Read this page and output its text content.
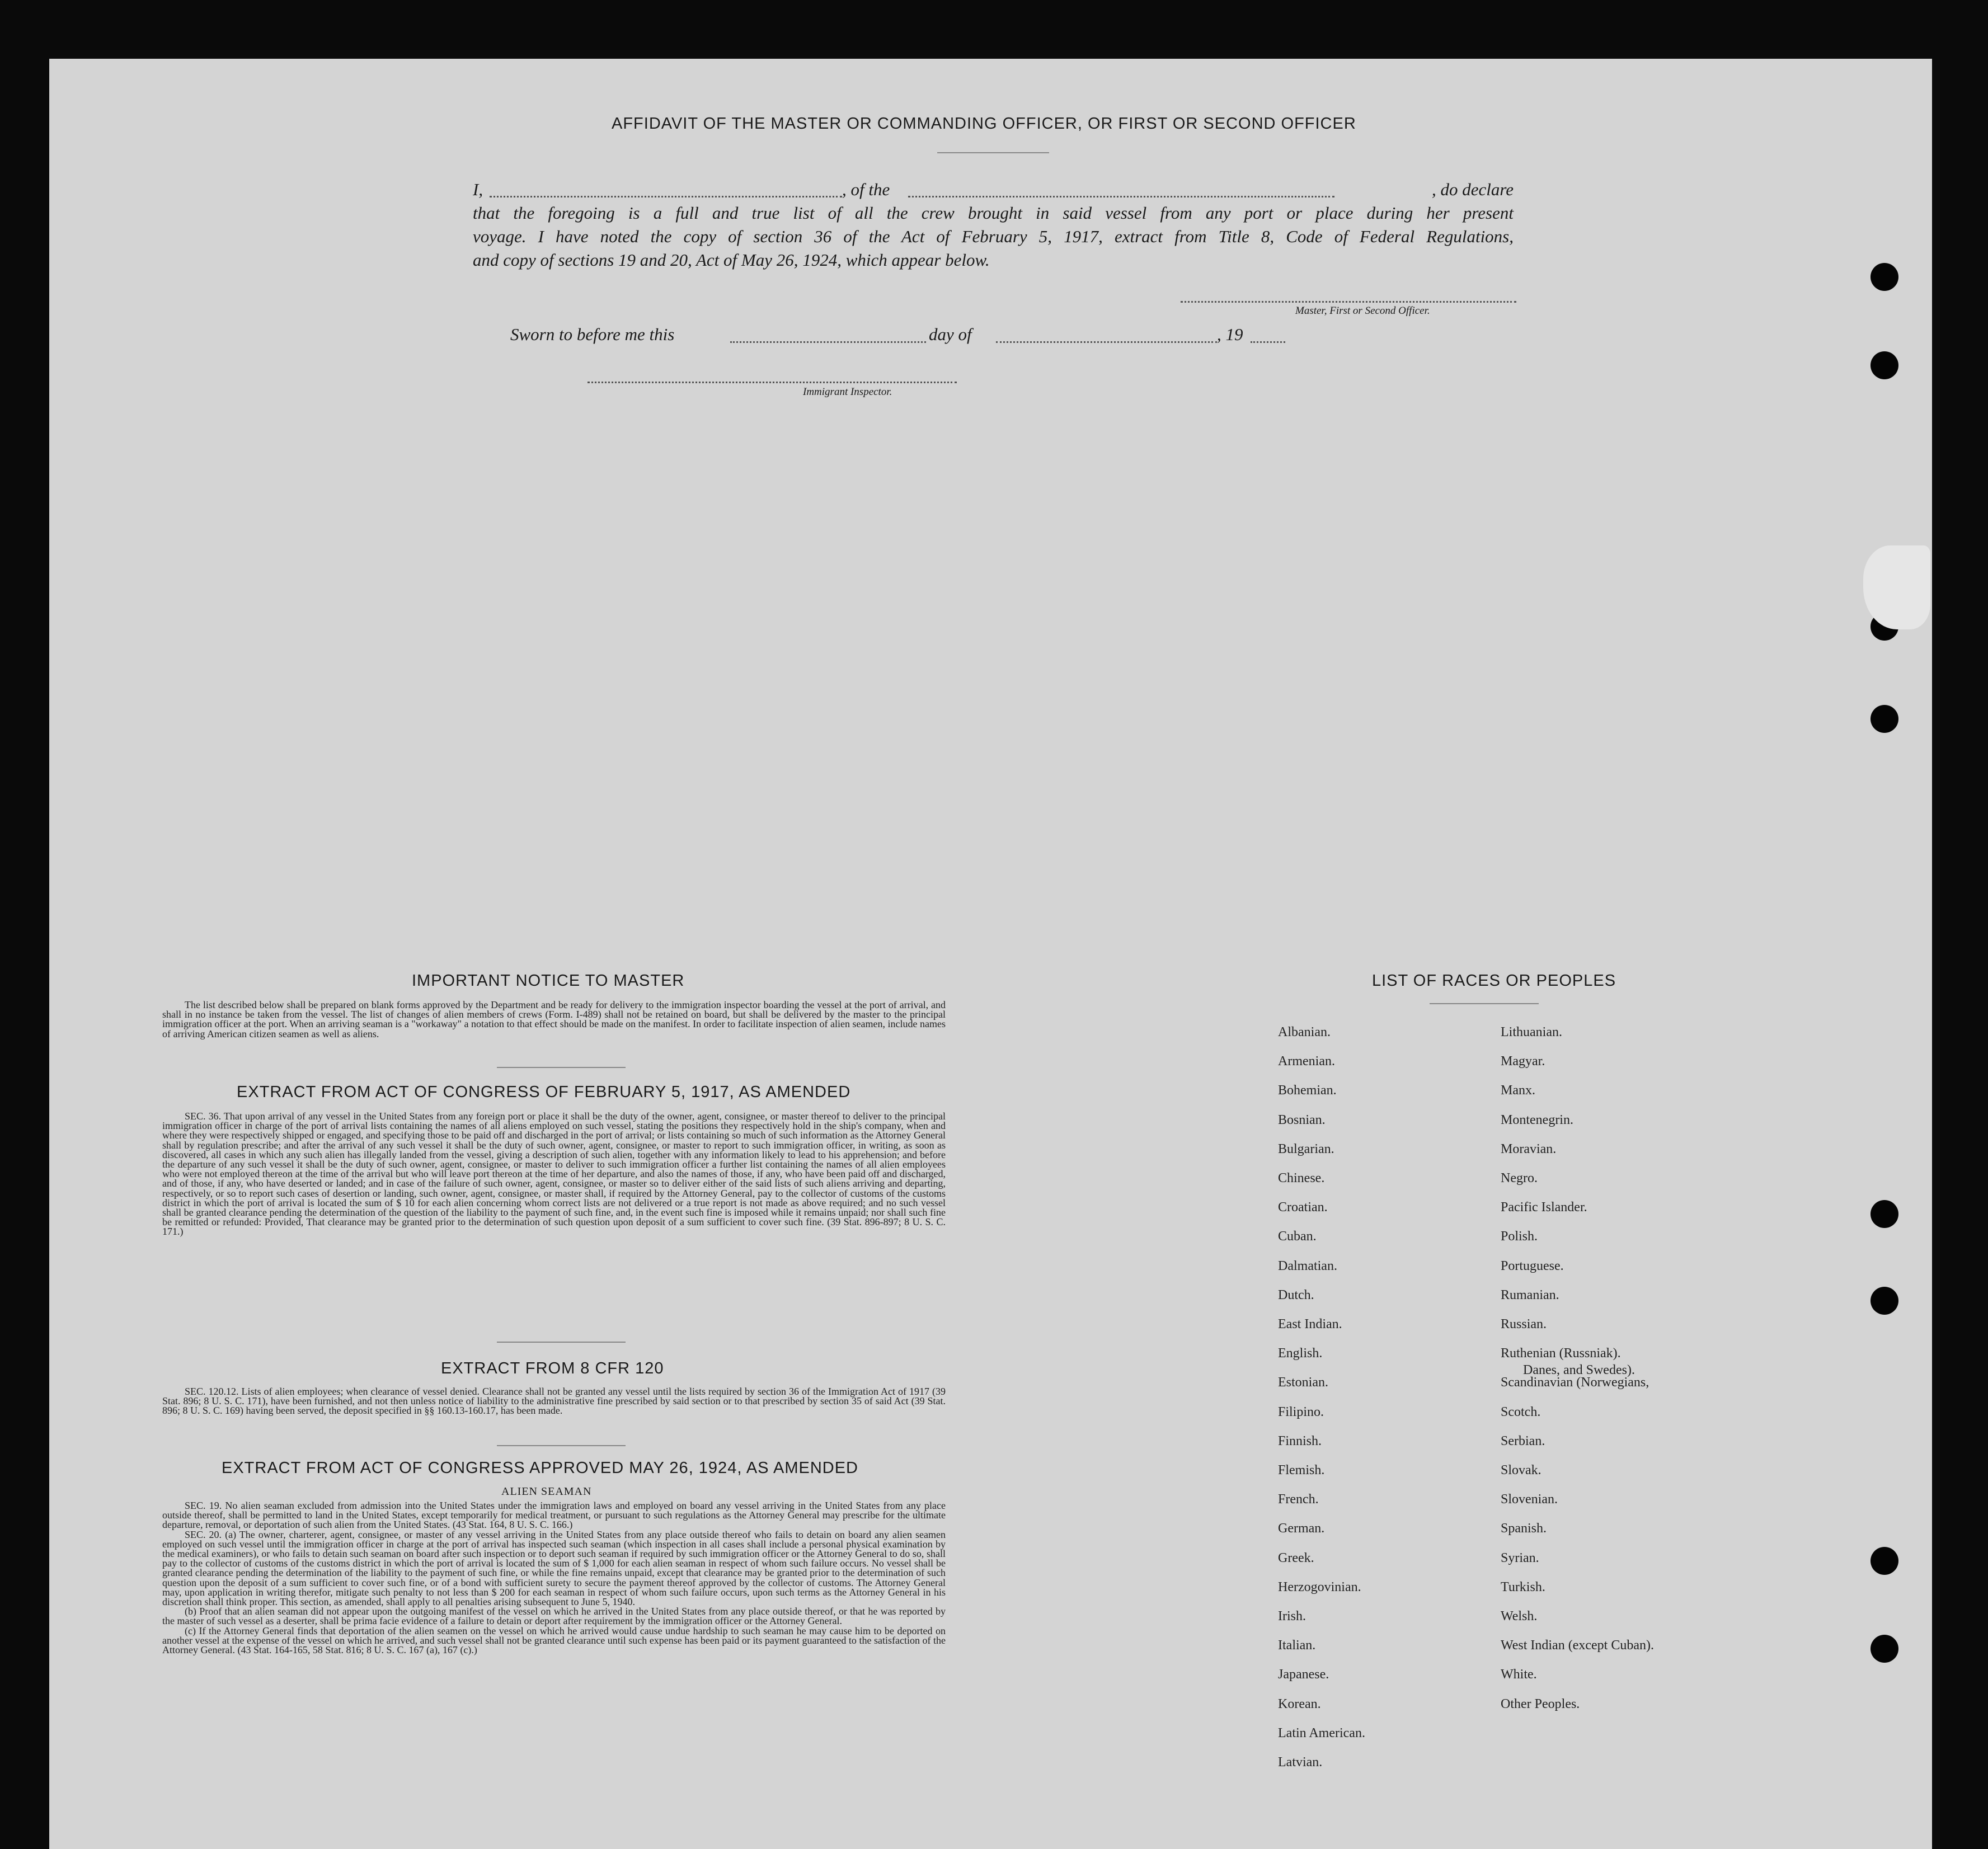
AFFIDAVIT OF THE MASTER OR COMMANDING OFFICER, OR FIRST OR SECOND OFFICER

I,	, of the	, do declare

that the foregoing is a full and true list of all the crew brought in said vessel from any port or place during her present

voyage. I have noted the copy of section 36 of the Act of February 5, 1917, extract from Title 8, Code of Federal Regulations,

and copy of sections 19 and 20, Act of May 26, 1924, which appear below.

Master, First or Second Officer.
Sworn to before me this	day of	, 19
Immigrant Inspector.
IMPORTANT NOTICE TO MASTER

The list described below shall be prepared on blank forms approved by the Department and be ready for delivery to the immigration inspector boarding the vessel at the port of arrival, and shall in no instance be taken from the vessel. The list of changes of alien members of crews (Form. I-489) shall not be retained on board, but shall be delivered by the master to the principal immigration officer at the port. When an arriving seaman is a "workaway" a notation to that effect should be made on the manifest. In order to facilitate inspection of alien seamen, include names of arriving American citizen seamen as well as aliens.

EXTRACT FROM ACT OF CONGRESS OF FEBRUARY 5, 1917, AS AMENDED

SEC. 36. That upon arrival of any vessel in the United States from any foreign port or place it shall be the duty of the owner, agent, consignee, or master thereof to deliver to the principal immigration officer in charge of the port of arrival lists containing the names of all aliens employed on such vessel, stating the positions they respectively hold in the ship's company, when and where they were respectively shipped or engaged, and specifying those to be paid off and discharged in the port of arrival; or lists containing so much of such information as the Attorney General shall by regulation prescribe; and after the arrival of any such vessel it shall be the duty of such owner, agent, consignee, or master to report to such immigration officer, in writing, as soon as discovered, all cases in which any such alien has illegally landed from the vessel, giving a description of such alien, together with any information likely to lead to his apprehension; and before the departure of any such vessel it shall be the duty of such owner, agent, consignee, or master to deliver to such immigration officer a further list containing the names of all alien employees who were not employed thereon at the time of the arrival but who will leave port thereon at the time of her departure, and also the names of those, if any, who have been paid off and discharged, and of those, if any, who have deserted or landed; and in case of the failure of such owner, agent, consignee, or master so to deliver either of the said lists of such aliens arriving and departing, respectively, or so to report such cases of desertion or landing, such owner, agent, consignee, or master shall, if required by the Attorney General, pay to the collector of customs of the customs district in which the port of arrival is located the sum of $ 10 for each alien concerning whom correct lists are not delivered or a true report is not made as above required; and no such vessel shall be granted clearance pending the determination of the question of the liability to the payment of such fine, and, in the event such fine is imposed while it remains unpaid; nor shall such fine be remitted or refunded: Provided, That clearance may be granted prior to the determination of such question upon deposit of a sum sufficient to cover such fine. (39 Stat. 896-897; 8 U. S. C. 171.)

EXTRACT FROM 8 CFR 120

SEC. 120.12. Lists of alien employees; when clearance of vessel denied. Clearance shall not be granted any vessel until the lists required by section 36 of the Immigration Act of 1917 (39 Stat. 896; 8 U. S. C. 171), have been furnished, and not then unless notice of liability to the administrative fine prescribed by said section or to that prescribed by section 35 of said Act (39 Stat. 896; 8 U. S. C. 169) having been served, the deposit specified in §§ 160.13-160.17, has been made.

EXTRACT FROM ACT OF CONGRESS APPROVED MAY 26, 1924, AS AMENDED
ALIEN SEAMAN

SEC. 19. No alien seaman excluded from admission into the United States under the immigration laws and employed on board any vessel arriving in the United States from any place outside thereof, shall be permitted to land in the United States, except temporarily for medical treatment, or pursuant to such regulations as the Attorney General may prescribe for the ultimate departure, removal, or deportation of such alien from the United States. (43 Stat. 164, 8 U. S. C. 166.)

SEC. 20. (a) The owner, charterer, agent, consignee, or master of any vessel arriving in the United States from any place outside thereof who fails to detain on board any alien seamen employed on such vessel until the immigration officer in charge at the port of arrival has inspected such seaman (which inspection in all cases shall include a personal physical examination by the medical examiners), or who fails to detain such seaman on board after such inspection or to deport such seaman if required by such immigration officer or the Attorney General to do so, shall pay to the collector of customs of the customs district in which the port of arrival is located the sum of $ 1,000 for each alien seaman in respect of whom such failure occurs. No vessel shall be granted clearance pending the determination of the liability to the payment of such fine, or while the fine remains unpaid, except that clearance may be granted prior to the determination of such question upon the deposit of a sum sufficient to cover such fine, or of a bond with sufficient surety to secure the payment thereof approved by the collector of customs. The Attorney General may, upon application in writing therefor, mitigate such penalty to not less than $ 200 for each seaman in respect of whom such failure occurs, upon such terms as the Attorney General in his discretion shall think proper. This section, as amended, shall apply to all penalties arising subsequent to June 5, 1940.

(b) Proof that an alien seaman did not appear upon the outgoing manifest of the vessel on which he arrived in the United States from any place outside thereof, or that he was reported by the master of such vessel as a deserter, shall be prima facie evidence of a failure to detain or deport after requirement by the immigration officer or the Attorney General.

(c) If the Attorney General finds that deportation of the alien seamen on the vessel on which he arrived would cause undue hardship to such seaman he may cause him to be deported on another vessel at the expense of the vessel on which he arrived, and such vessel shall not be granted clearance until such expense has been paid or its payment guaranteed to the satisfaction of the Attorney General. (43 Stat. 164-165, 58 Stat. 816; 8 U. S. C. 167 (a), 167 (c).)

LIST OF RACES OR PEOPLES
Albanian.
Armenian.
Bohemian.
Bosnian.
Bulgarian.
Chinese.
Croatian.
Cuban.
Dalmatian.
Dutch.
East Indian.
English.
Estonian.
Filipino.
Finnish.
Flemish.
French.
German.
Greek.
Herzogovinian.
Irish.
Italian.
Japanese.
Korean.
Latin American.
Latvian.
Lithuanian.
Magyar.
Manx.
Montenegrin.
Moravian.
Negro.
Pacific Islander.
Polish.
Portuguese.
Rumanian.
Russian.
Ruthenian (Russniak).
Scandinavian (Norwegians,
Danes, and Swedes).
Scotch.
Serbian.
Slovak.
Slovenian.
Spanish.
Syrian.
Turkish.
Welsh.
West Indian (except Cuban).
White.
Other Peoples.
